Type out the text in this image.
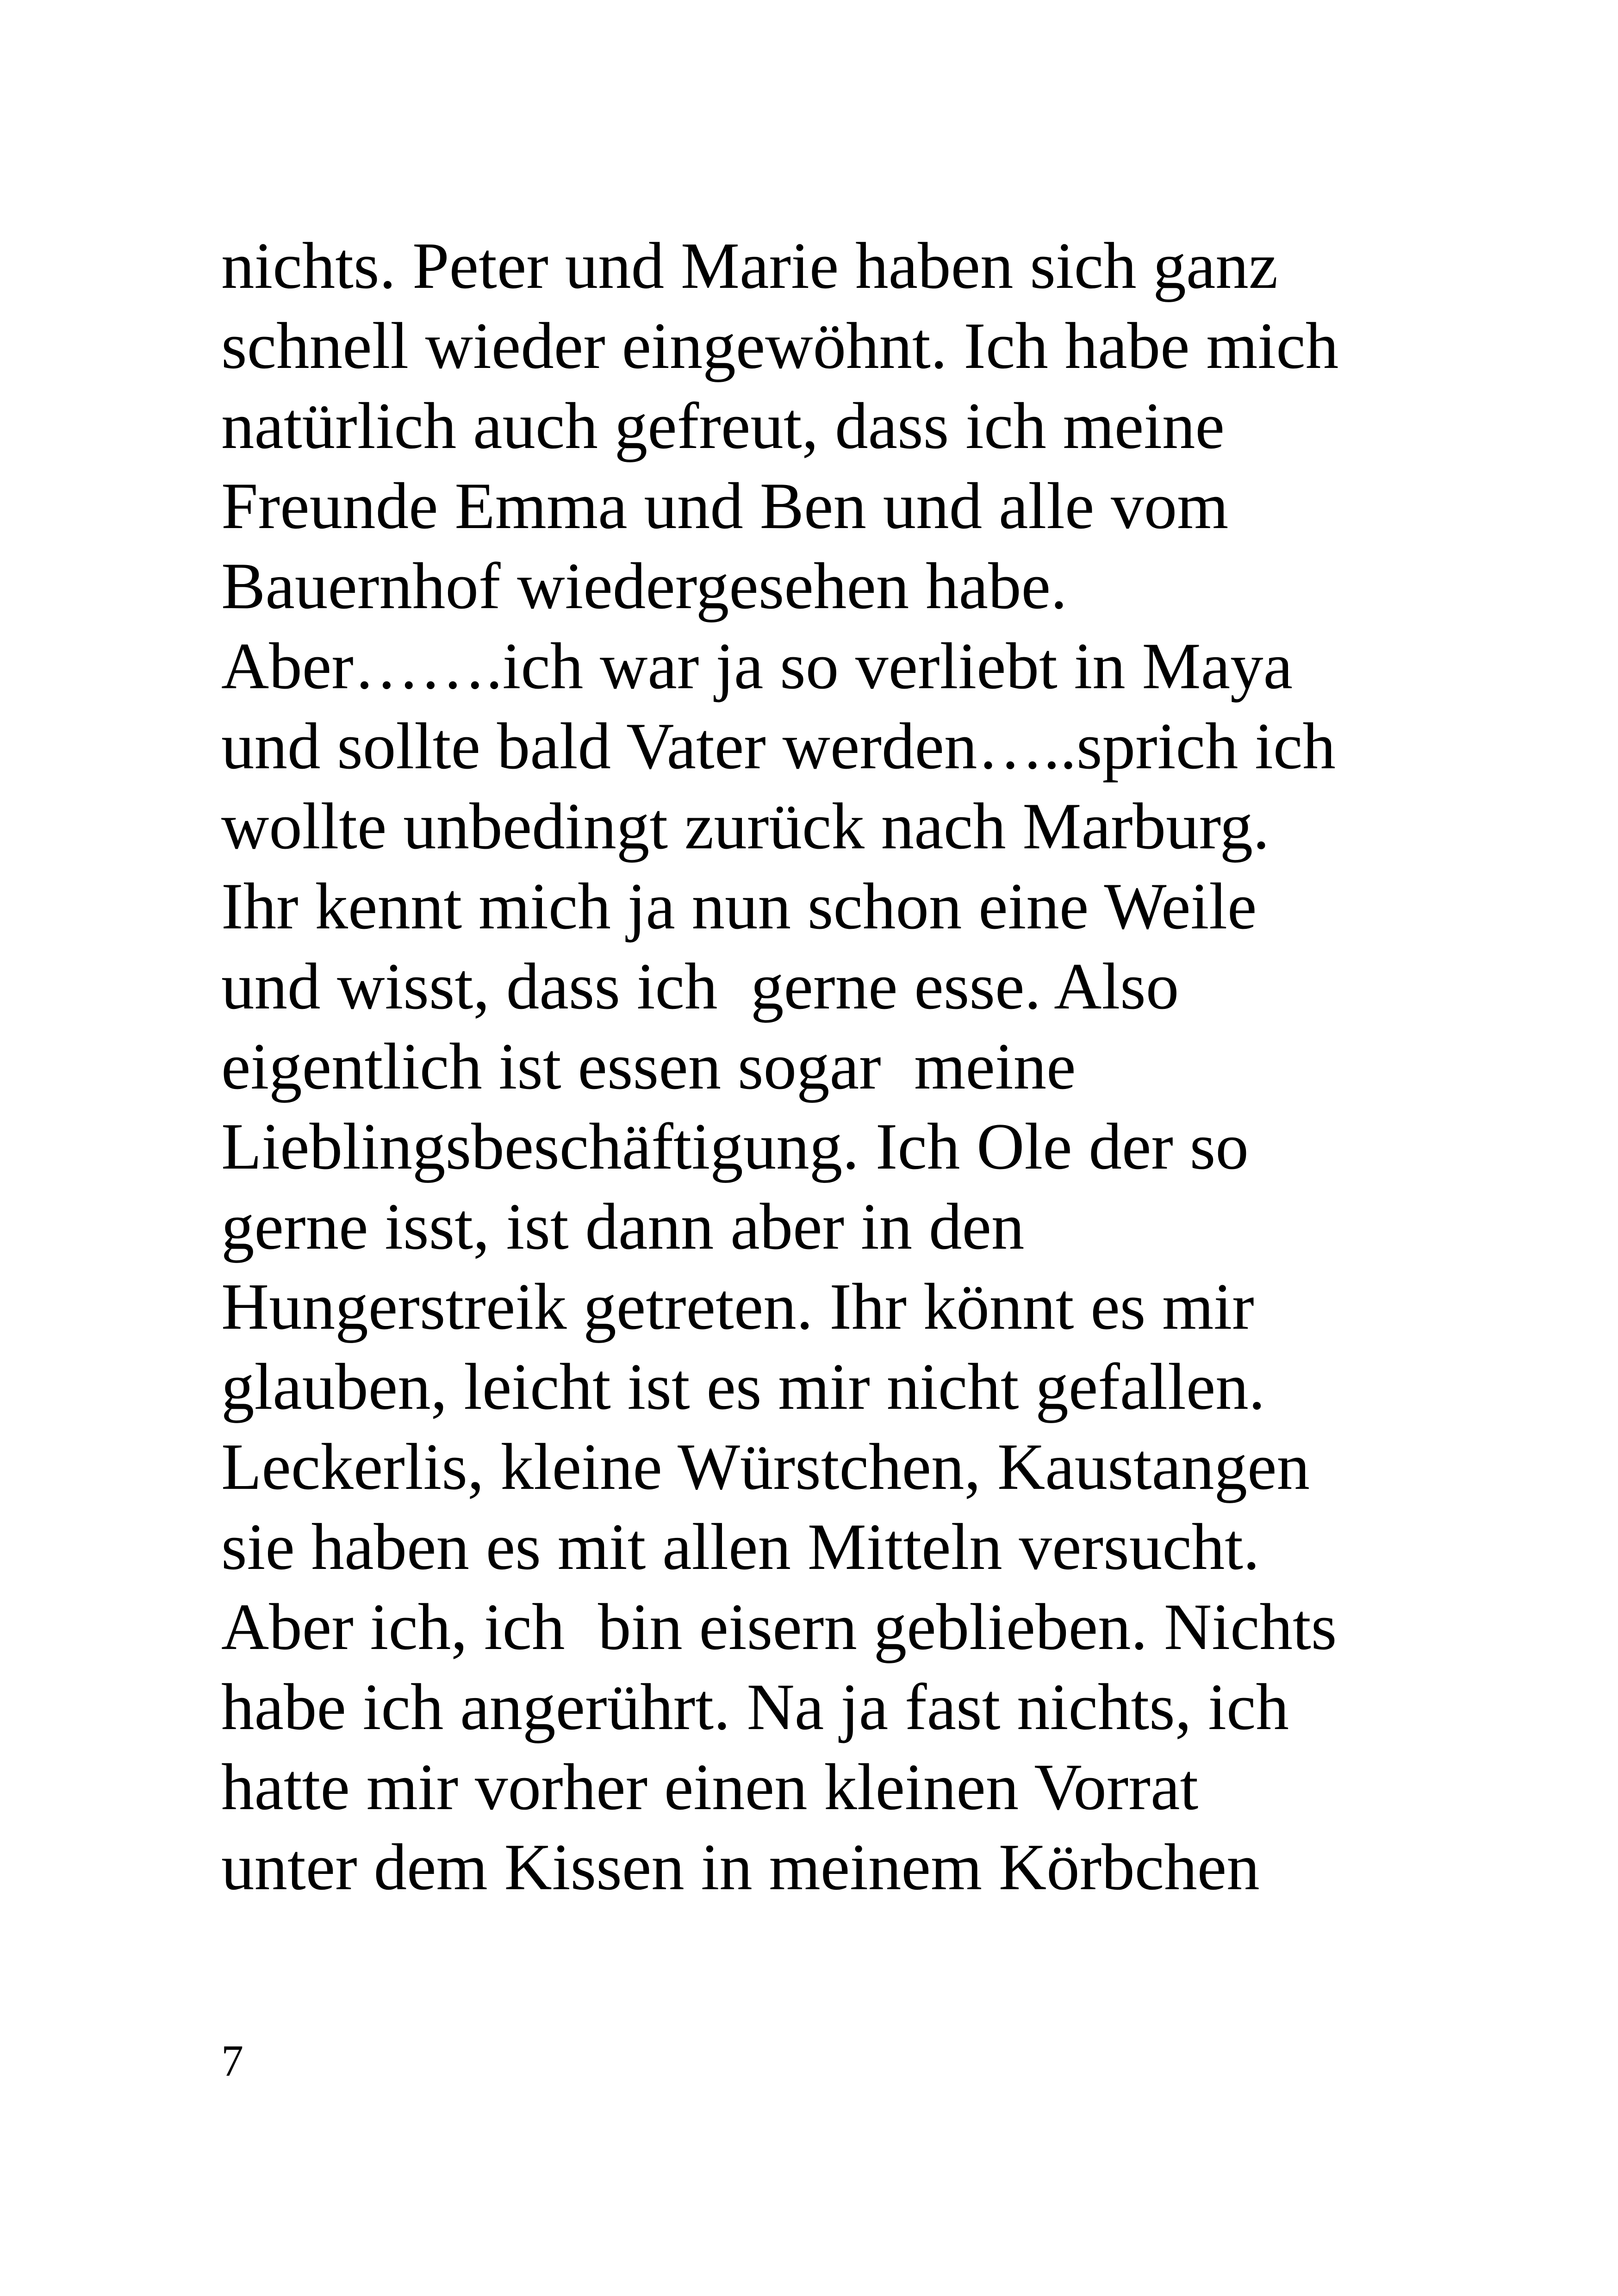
nichts. Peter und Marie haben sich ganz
schnell wieder eingewöhnt. Ich habe mich
natürlich auch gefreut, dass ich meine
Freunde Emma und Ben und alle vom
Bauernhof wiedergesehen habe.
Aber…….ich war ja so verliebt in Maya
und sollte bald Vater werden…..sprich ich
wollte unbedingt zurück nach Marburg.
Ihr kennt mich ja nun schon eine Weile
und wisst, dass ich  gerne esse. Also
eigentlich ist essen sogar  meine
Lieblingsbeschäftigung. Ich Ole der so
gerne isst, ist dann aber in den
Hungerstreik getreten. Ihr könnt es mir
glauben, leicht ist es mir nicht gefallen.
Leckerlis, kleine Würstchen, Kaustangen
sie haben es mit allen Mitteln versucht.
Aber ich, ich  bin eisern geblieben. Nichts
habe ich angerührt. Na ja fast nichts, ich
hatte mir vorher einen kleinen Vorrat
unter dem Kissen in meinem Körbchen
7
